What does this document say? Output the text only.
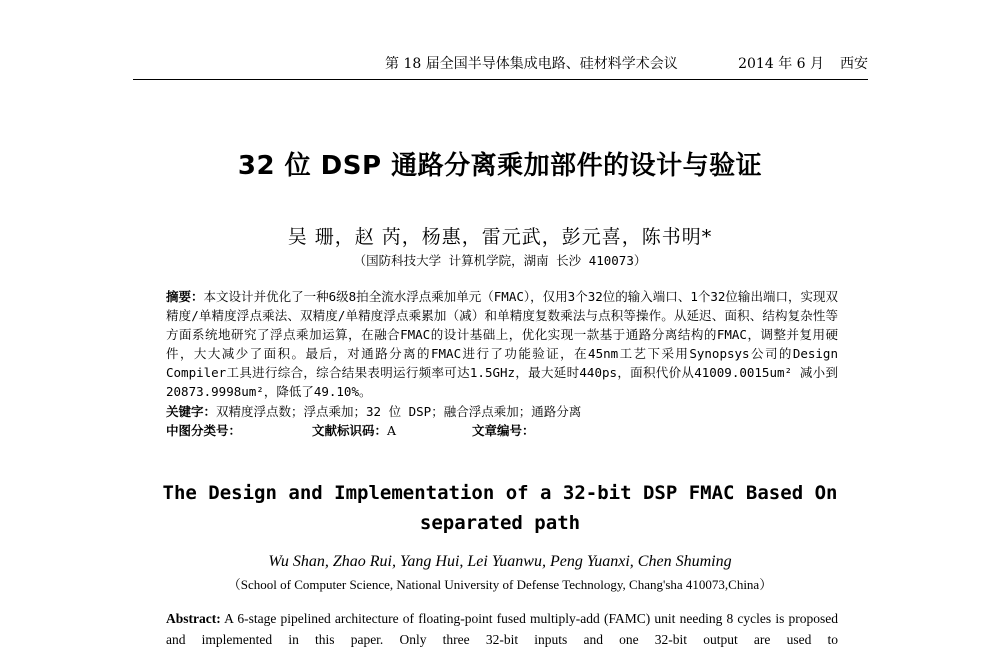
第 18 届全国半导体集成电路、硅材料学术会议	2014 年 6 月 西安
32 位 DSP 通路分离乘加部件的设计与验证
吴 珊，赵 芮，杨惠，雷元武，彭元喜，陈书明*
（国防科技大学 计算机学院，湖南 长沙 410073）
摘要：本文设计并优化了一种6级8拍全流水浮点乘加单元（FMAC），仅用3个32位的输入端口、1个32位输出端口，实现双精度/单精度浮点乘法、双精度/单精度浮点乘累加（减）和单精度复数乘法与点积等操作。从延迟、面积、结构复杂性等方面系统地研究了浮点乘加运算，在融合FMAC的设计基础上，优化实现一款基于通路分离结构的FMAC，调整并复用硬件，大大减少了面积。最后，对通路分离的FMAC进行了功能验证，在45nm工艺下采用Synopsys公司的Design Compiler工具进行综合，综合结果表明运行频率可达1.5GHz，最大延时440ps，面积代价从41009.0015um² 减小到20873.9998um²，降低了49.10%。
关键字：双精度浮点数；浮点乘加；32 位 DSP；融合浮点乘加；通路分离
中图分类号：	文献标识码：A	文章编号：
The Design and Implementation of a 32-bit DSP FMAC Based On separated path
Wu Shan, Zhao Rui, Yang Hui, Lei Yuanwu, Peng Yuanxi, Chen Shuming
（School of Computer Science, National University of Defense Technology, Chang'sha 410073,China）
Abstract: A 6-stage pipelined architecture of floating-point fused multiply-add (FAMC) unit needing 8 cycles is proposed and implemented in this paper. Only three 32-bit inputs and one 32-bit output are used to
